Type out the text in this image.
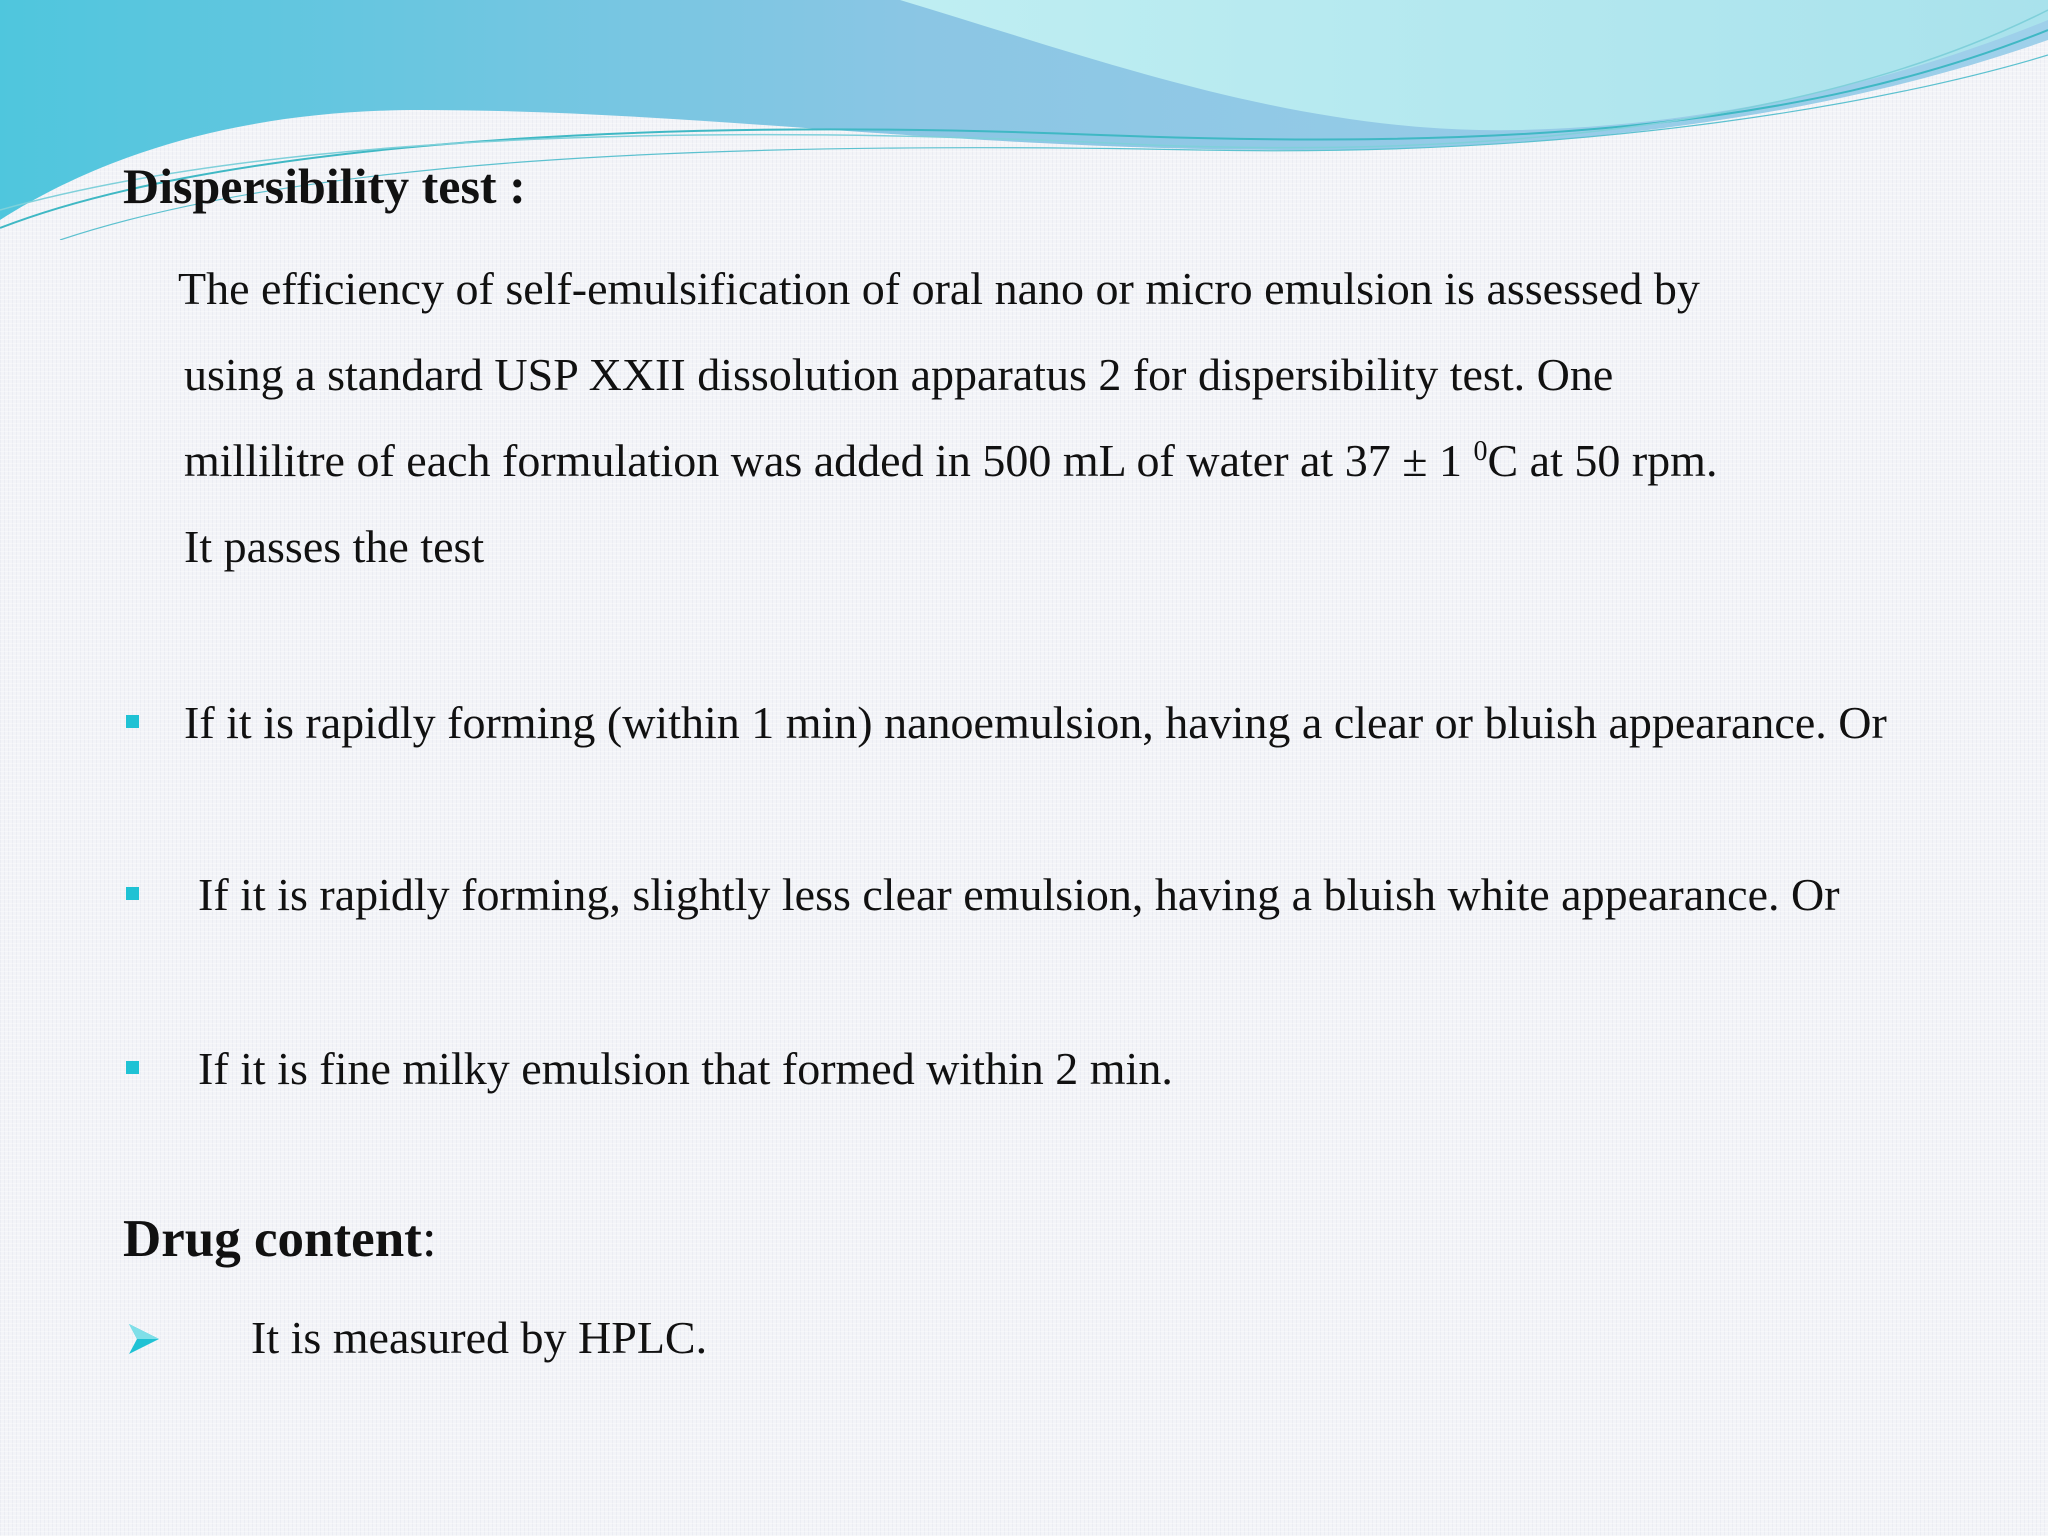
Dispersibility test :
The efficiency of self-emulsification of oral nano or micro emulsion is assessed by
using a standard USP XXII dissolution apparatus 2 for dispersibility test. One
millilitre of each formulation was added in 500 mL of water at 37 ± 1 $^0$C at 50 rpm.
It passes the test
If it is rapidly forming (within 1 min) nanoemulsion, having a clear or bluish appearance. Or
If it is rapidly forming, slightly less clear emulsion, having a bluish white appearance. Or
If it is fine milky emulsion that formed within 2 min.
Drug content:
It is measured by HPLC.
